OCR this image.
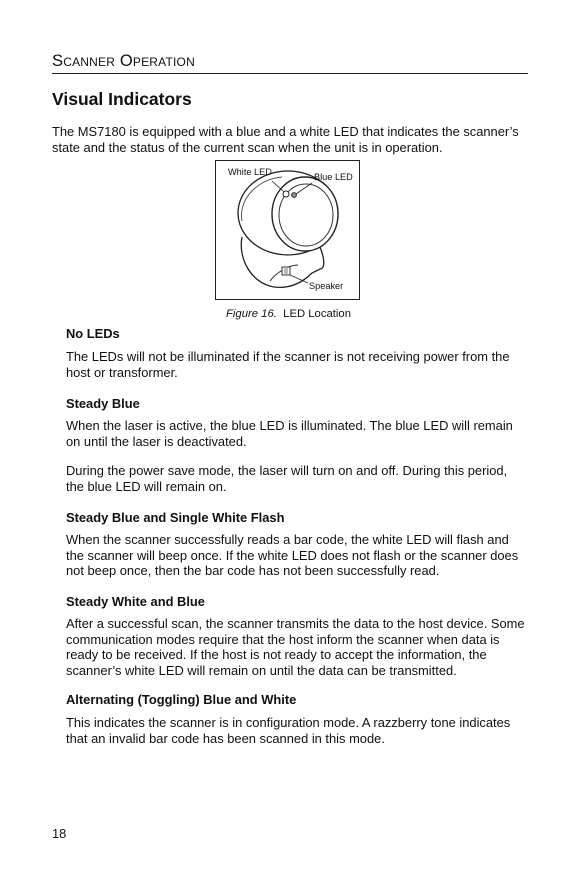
Scanner Operation
Visual Indicators

The MS7180 is equipped with a blue and a white LED that indicates the scanner’s state and the status of the current scan when the unit is in operation.

White LED	Blue LED
Speaker
Figure 16. LED Location
No LEDs

The LEDs will not be illuminated if the scanner is not receiving power from the host or transformer.

Steady Blue

When the laser is active, the blue LED is illuminated. The blue LED will remain on until the laser is deactivated.

During the power save mode, the laser will turn on and off. During this period, the blue LED will remain on.

Steady Blue and Single White Flash

When the scanner successfully reads a bar code, the white LED will flash and the scanner will beep once. If the white LED does not flash or the scanner does not beep once, then the bar code has not been successfully read.

Steady White and Blue

After a successful scan, the scanner transmits the data to the host device. Some communication modes require that the host inform the scanner when data is ready to be received. If the host is not ready to accept the information, the scanner’s white LED will remain on until the data can be transmitted.

Alternating (Toggling) Blue and White

This indicates the scanner is in configuration mode. A razzberry tone indicates that an invalid bar code has been scanned in this mode.

18
